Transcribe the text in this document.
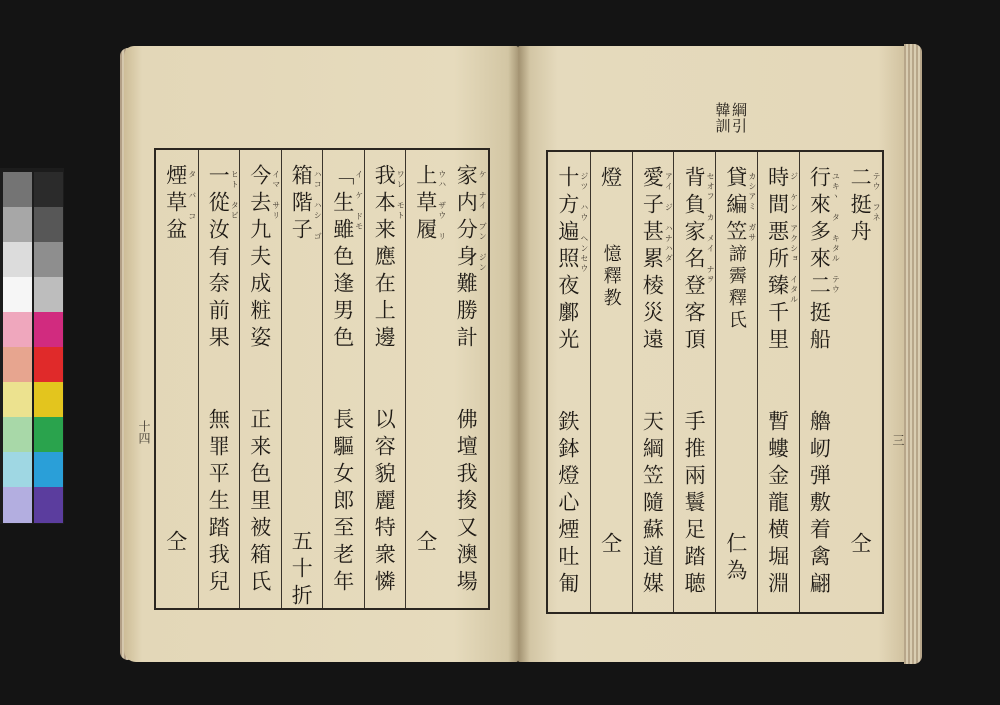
綱引 韓訓
二挺舟 テウ フネ
仝
行來多來二挺船 ユキヽ タ キタル テウ
艪屻弾敷着禽翩
時間悪所臻千里 ジ ケン アクショ イタル
暫螻金龍横堀淵
貸編笠 カシアミ ガサ
諦霽釋氏
仁為
背負家名登客頂 セオフ カ メイ ナヲ
手推兩鬟足踏聴
愛子甚累棱災遠 アイ ジ ハナハダ
天綱笠隨蘇道媒
燈
憶釋教
仝
十方遍照夜鄽光 ジツ ハウ ヘンセウ
鉄鉢燈心煙吐匍
家内分身難勝計 ケ ナイ ブン ジン
佛壇我捘又澳場
上草履 ウハ ザウ リ
仝
我本来應在上邊 ワレ モト
以容貌麗特衆憐
「生雖色逢男色 イ ケ ドモ
長驅女郎至老年
箱階子 ハコ ハシ ゴ
五十折
今去九夫成粧姿 イマ サリ
正来色里被箱氏
一從汝有奈前果 ヒト タビ
無罪平生踏我兒
煙草盆 タ バ コ
仝
三
十四
